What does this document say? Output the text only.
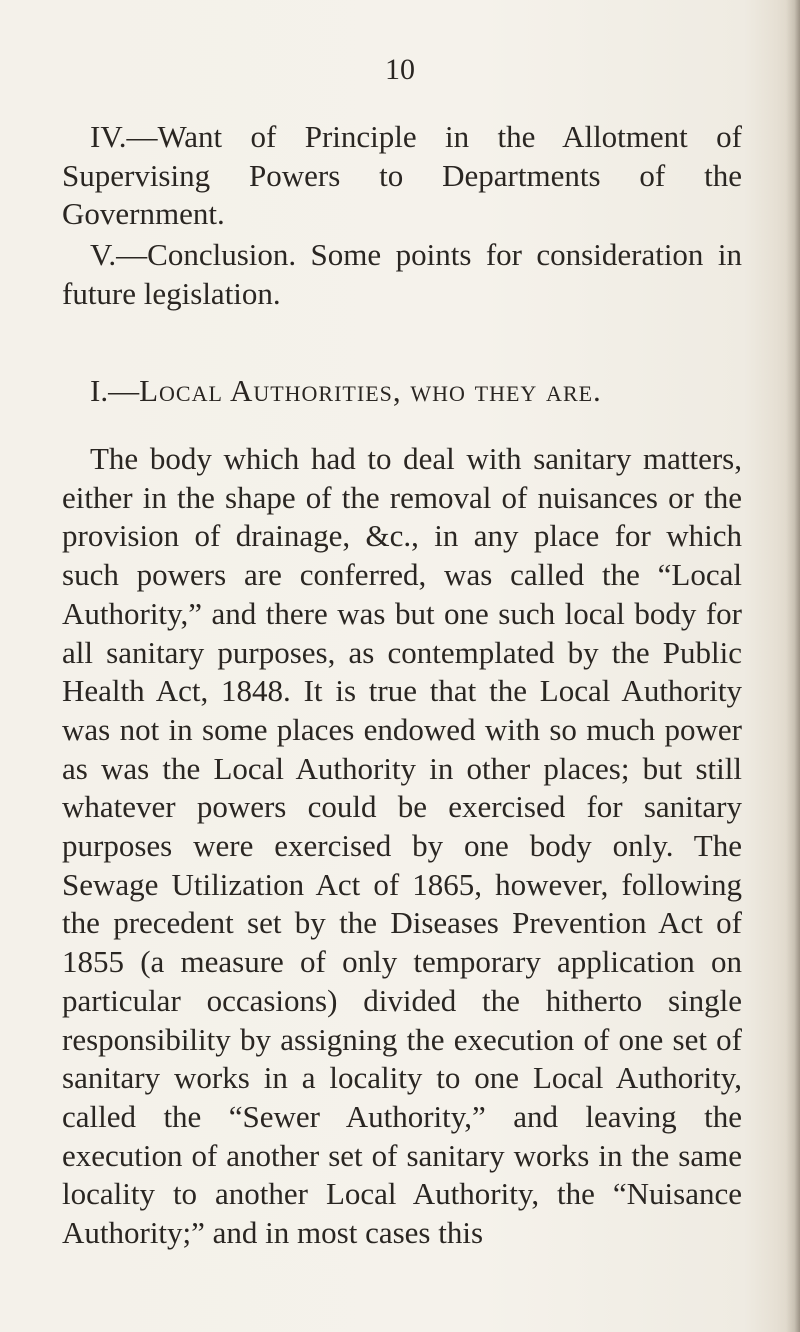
10

IV.—Want of Principle in the Allotment of Supervising Powers to Departments of the Government.

V.—Conclusion. Some points for consideration in future legislation.

I.—Local Authorities, who they are.

The body which had to deal with sanitary matters, either in the shape of the removal of nuisances or the provision of drainage, &c., in any place for which such powers are conferred, was called the “Local Authority,” and there was but one such local body for all sanitary purposes, as contemplated by the Public Health Act, 1848. It is true that the Local Authority was not in some places endowed with so much power as was the Local Authority in other places; but still whatever powers could be exercised for sanitary purposes were exercised by one body only. The Sewage Utilization Act of 1865, however, following the precedent set by the Diseases Prevention Act of 1855 (a measure of only temporary application on particular occasions) divided the hitherto single responsibility by assigning the execution of one set of sanitary works in a locality to one Local Authority, called the “Sewer Authority,” and leaving the execution of another set of sanitary works in the same locality to another Local Authority, the “Nuisance Authority;” and in most cases this
